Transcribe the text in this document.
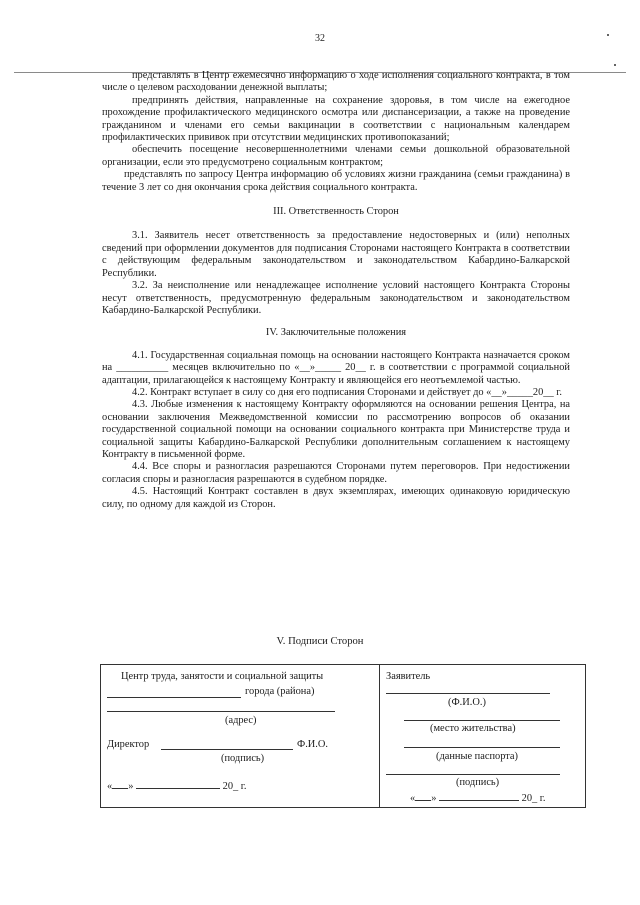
32

представлять в Центр ежемесячно информацию о ходе исполнения социального контракта, в том числе о целевом расходовании денежной выплаты;

предпринять действия, направленные на сохранение здоровья, в том числе на ежегодное прохождение профилактического медицинского осмотра или диспансеризации, а также на проведение гражданином и членами его семьи вакцинации в соответствии с национальным календарем профилактических прививок при отсутствии медицинских противопоказаний;

обеспечить посещение несовершеннолетними членами семьи дошкольной образовательной организации, если это предусмотрено социальным контрактом;

представлять по запросу Центра информацию об условиях жизни гражданина (семьи гражданина) в течение 3 лет со дня окончания срока действия социального контракта.

III. Ответственность Сторон

3.1. Заявитель несет ответственность за предоставление недостоверных и (или) неполных сведений при оформлении документов для подписания Сторонами настоящего Контракта в соответствии с действующим федеральным законодательством и законодательством Кабардино-Балкарской Республики.

3.2. За неисполнение или ненадлежащее исполнение условий настоящего Контракта Стороны несут ответственность, предусмотренную федеральным законодательством и законодательством Кабардино-Балкарской Республики.

IV. Заключительные положения

4.1. Государственная социальная помощь на основании настоящего Контракта назначается сроком на __________ месяцев включительно по «__»_____ 20__ г. в соответствии с программой социальной адаптации, прилагающейся к настоящему Контракту и являющейся его неотъемлемой частью.

4.2. Контракт вступает в силу со дня его подписания Сторонами и действует до «__»_____20__ г.

4.3. Любые изменения к настоящему Контракту оформляются на основании решения Центра, на основании заключения Межведомственной комиссии по рассмотрению вопросов об оказании государственной социальной помощи на основании социального контракта при Министерстве труда и социальной защиты Кабардино-Балкарской Республики дополнительным соглашением к настоящему Контракту в письменной форме.

4.4. Все споры и разногласия разрешаются Сторонами путем переговоров. При недостижении согласия споры и разногласия разрешаются в судебном порядке.

4.5. Настоящий Контракт составлен в двух экземплярах, имеющих одинаковую юридическую силу, по одному для каждой из Сторон.

V. Подписи Сторон
Центр труда, занятости и социальной защиты
города (района)
(адрес)
Директор	Ф.И.О.
(подпись)
« »	20_ г.
Заявитель
(Ф.И.О.)
(место жительства)
(данные паспорта)
(подпись)
« »	20_ г.
